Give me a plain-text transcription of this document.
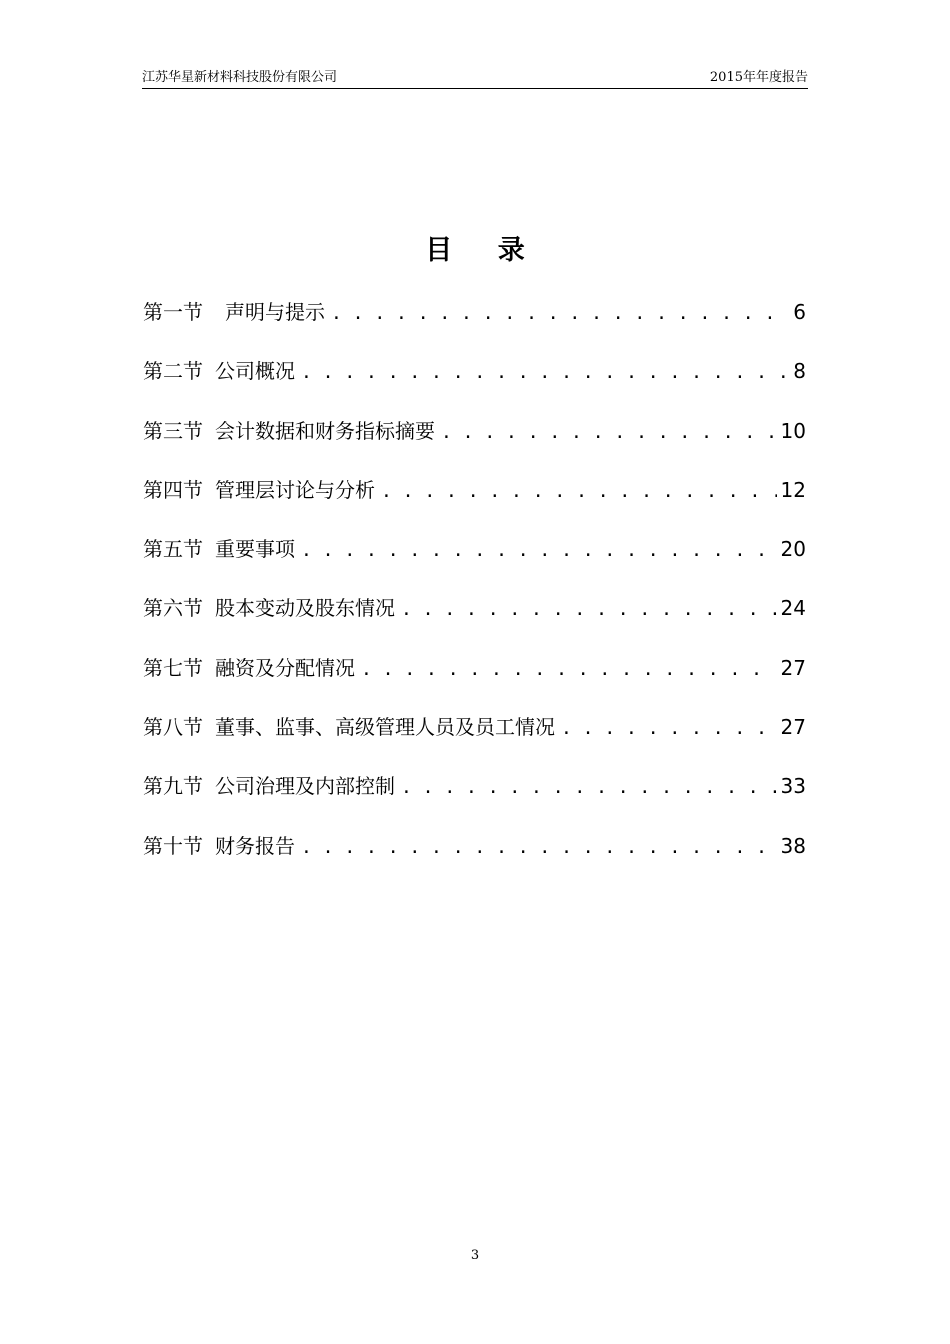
江苏华星新材料科技股份有限公司	2015年年度报告
目 录
第一节 声明与提示 . . .	6
第二节 公司概况 . . .	8
第三节 会计数据和财务指标摘要 . . .	10
第四节 管理层讨论与分析 . . .	12
第五节 重要事项 . . .	20
第六节 股本变动及股东情况 . . .	24
第七节 融资及分配情况 . . .	27
第八节 董事、监事、高级管理人员及员工情况 . . .	27
第九节 公司治理及内部控制 . . .	33
第十节 财务报告 . . .	38
3
